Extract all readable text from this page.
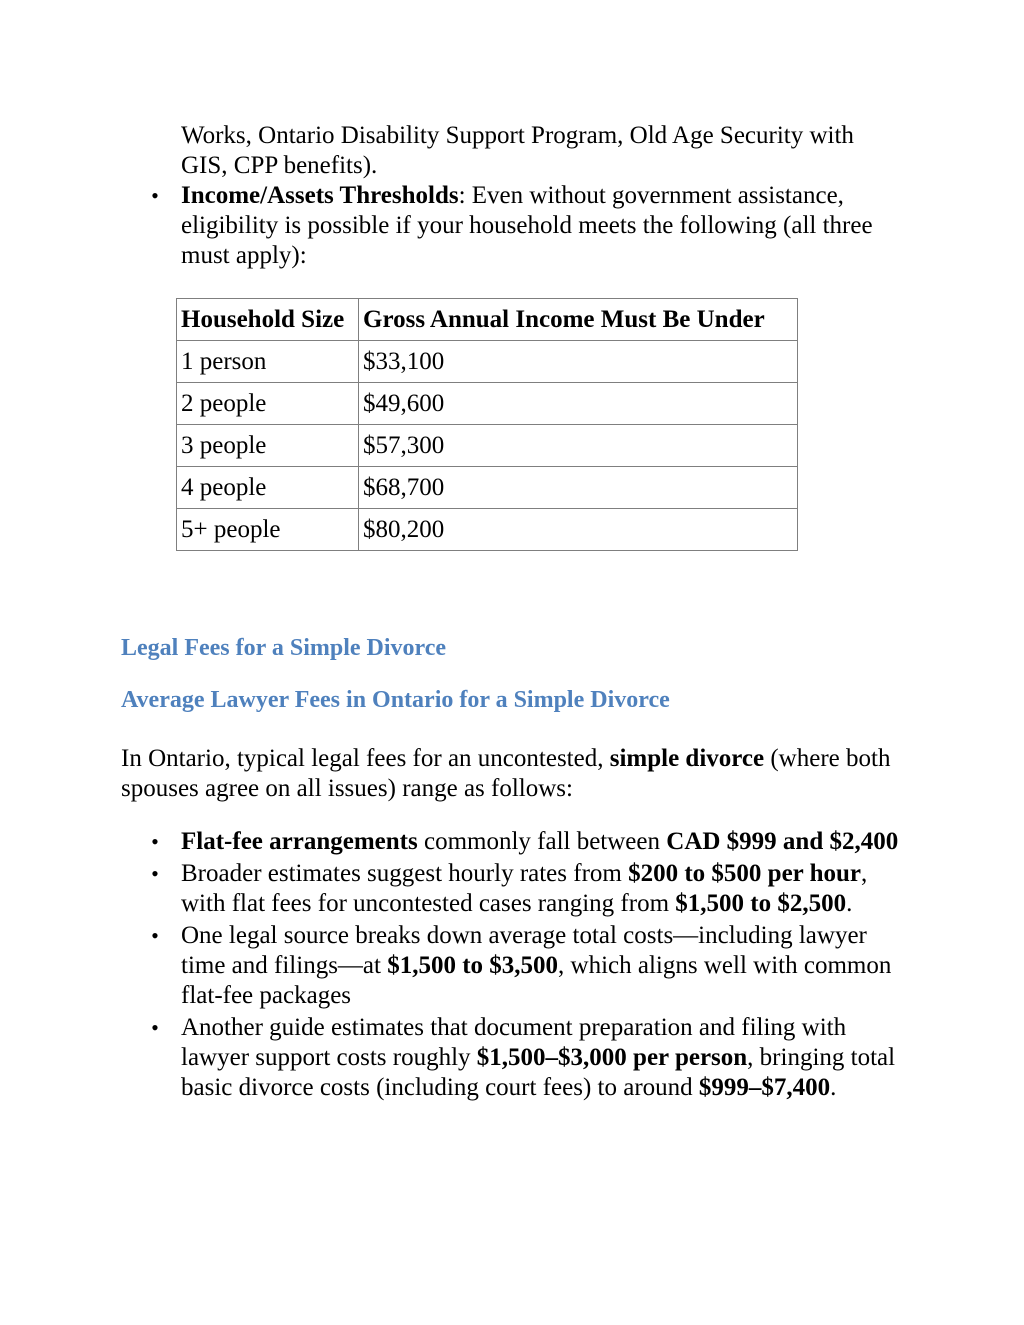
Works, Ontario Disability Support Program, Old Age Security with GIS, CPP benefits).
• Income/Assets Thresholds: Even without government assistance, eligibility is possible if your household meets the following (all three must apply):
Household Size	Gross Annual Income Must Be Under
1 person	$33,100
2 people	$49,600
3 people	$57,300
4 people	$68,700
5+ people	$80,200
Legal Fees for a Simple Divorce
Average Lawyer Fees in Ontario for a Simple Divorce
In Ontario, typical legal fees for an uncontested, simple divorce (where both spouses agree on all issues) range as follows:
• Flat-fee arrangements commonly fall between CAD $999 and $2,400
• Broader estimates suggest hourly rates from $200 to $500 per hour, with flat fees for uncontested cases ranging from $1,500 to $2,500.
• One legal source breaks down average total costs—including lawyer time and filings—at $1,500 to $3,500, which aligns well with common flat-fee packages
• Another guide estimates that document preparation and filing with lawyer support costs roughly $1,500–$3,000 per person, bringing total basic divorce costs (including court fees) to around $999–$7,400.
